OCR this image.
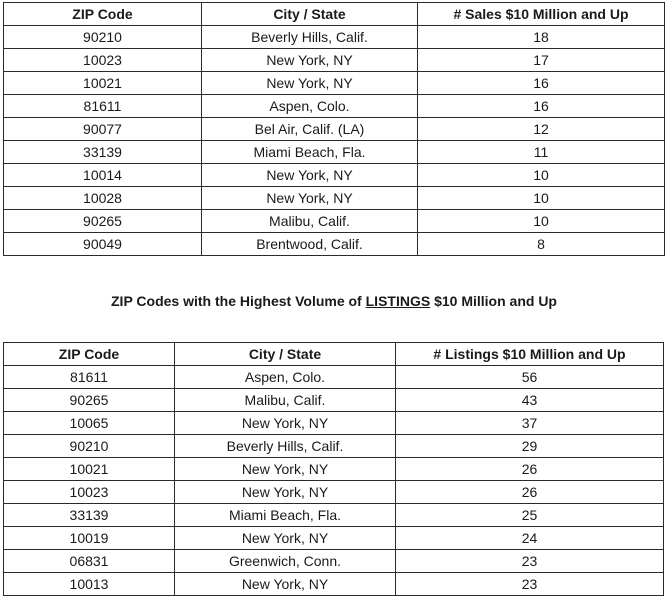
ZIP Code	City / State	# Sales $10 Million and Up
90210	Beverly Hills, Calif.	18
10023	New York, NY	17
10021	New York, NY	16
81611	Aspen, Colo.	16
90077	Bel Air, Calif. (LA)	12
33139	Miami Beach, Fla.	11
10014	New York, NY	10
10028	New York, NY	10
90265	Malibu, Calif.	10
90049	Brentwood, Calif.	8
ZIP Codes with the Highest Volume of LISTINGS $10 Million and Up
ZIP Code	City / State	# Listings $10 Million and Up
81611	Aspen, Colo.	56
90265	Malibu, Calif.	43
10065	New York, NY	37
90210	Beverly Hills, Calif.	29
10021	New York, NY	26
10023	New York, NY	26
33139	Miami Beach, Fla.	25
10019	New York, NY	24
06831	Greenwich, Conn.	23
10013	New York, NY	23
